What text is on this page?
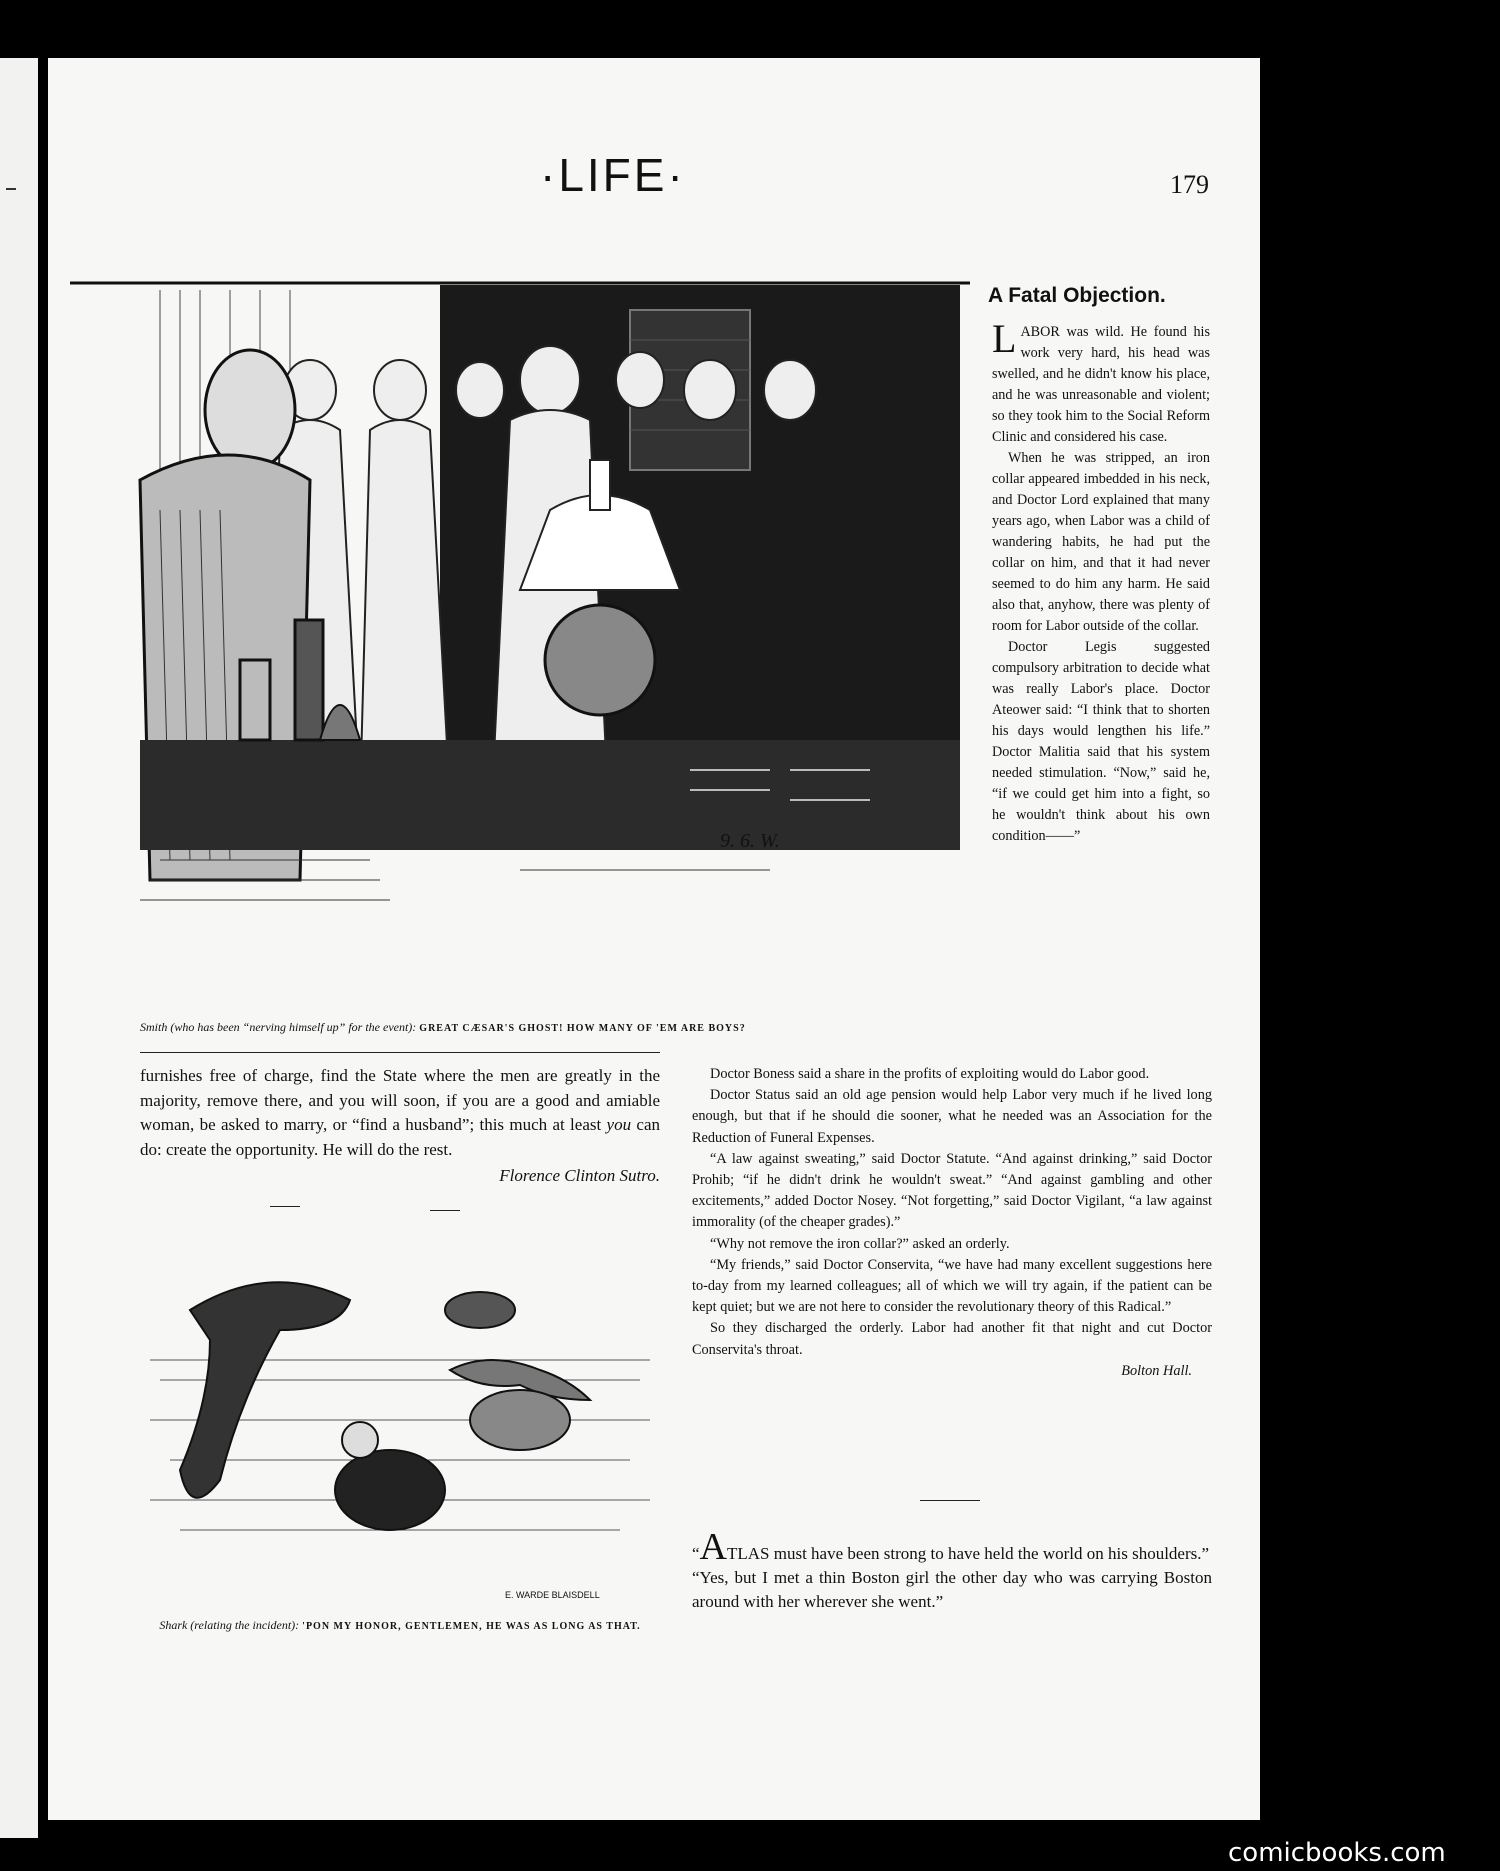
·LIFE·	179
9. 6. W.
Smith (who has been “nerving himself up” for the event): GREAT CÆSAR'S GHOST! HOW MANY OF 'EM ARE BOYS?
A Fatal Objection.

LABOR was wild. He found his work very hard, his head was swelled, and he didn't know his place, and he was unreasonable and violent; so they took him to the Social Reform Clinic and considered his case.

When he was stripped, an iron collar appeared imbedded in his neck, and Doctor Lord explained that many years ago, when Labor was a child of wandering habits, he had put the collar on him, and that it had never seemed to do him any harm. He said also that, anyhow, there was plenty of room for Labor outside of the collar.

Doctor Legis suggested compulsory arbitration to decide what was really Labor's place. Doctor Ateower said: “I think that to shorten his days would lengthen his life.” Doctor Malitia said that his system needed stimulation. “Now,” said he, “if we could get him into a fight, so he wouldn't think about his own condition——”

furnishes free of charge, find the State where the men are greatly in the majority, remove there, and you will soon, if you are a good and amiable woman, be asked to marry, or “find a husband”; this much at least you can do: create the opportunity. He will do the rest.

Florence Clinton Sutro.
E. WARDE BLAISDELL
Shark (relating the incident): 'PON MY HONOR, GENTLEMEN, HE WAS AS LONG AS THAT.

Doctor Boness said a share in the profits of exploiting would do Labor good.

Doctor Status said an old age pension would help Labor very much if he lived long enough, but that if he should die sooner, what he needed was an Association for the Reduction of Funeral Expenses.

“A law against sweating,” said Doctor Statute. “And against drinking,” said Doctor Prohib; “if he didn't drink he wouldn't sweat.” “And against gambling and other excitements,” added Doctor Nosey. “Not forgetting,” said Doctor Vigilant, “a law against immorality (of the cheaper grades).”

“Why not remove the iron collar?” asked an orderly.

“My friends,” said Doctor Conservita, “we have had many excellent suggestions here to-day from my learned colleagues; all of which we will try again, if the patient can be kept quiet; but we are not here to consider the revolutionary theory of this Radical.”

So they discharged the orderly. Labor had another fit that night and cut Doctor Conservita's throat.

Bolton Hall.

“ATLAS must have been strong to have held the world on his shoulders.”

“Yes, but I met a thin Boston girl the other day who was carrying Boston around with her wherever she went.”

comicbooks.com
